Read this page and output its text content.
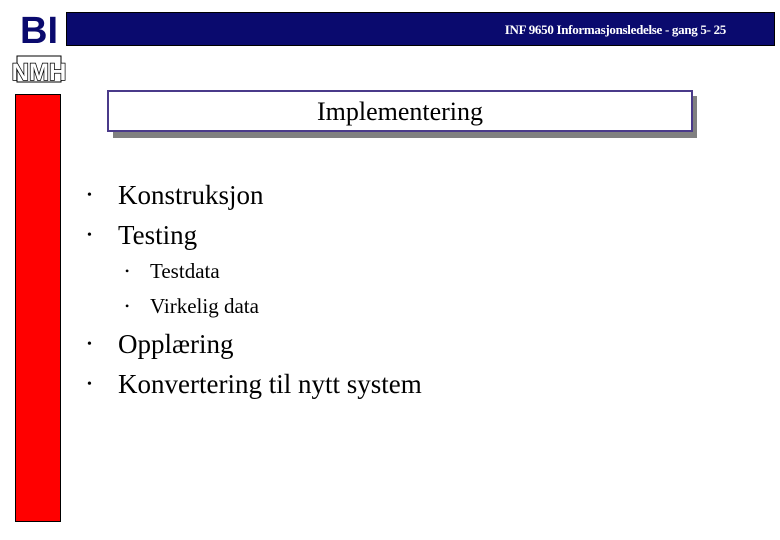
INF 9650 Informasjonsledelse - gang 5- 25
BI
NMH
Implementering
• Konstruksjon
• Testing
• Testdata
• Virkelig data
• Opplæring
• Konvertering til nytt system
